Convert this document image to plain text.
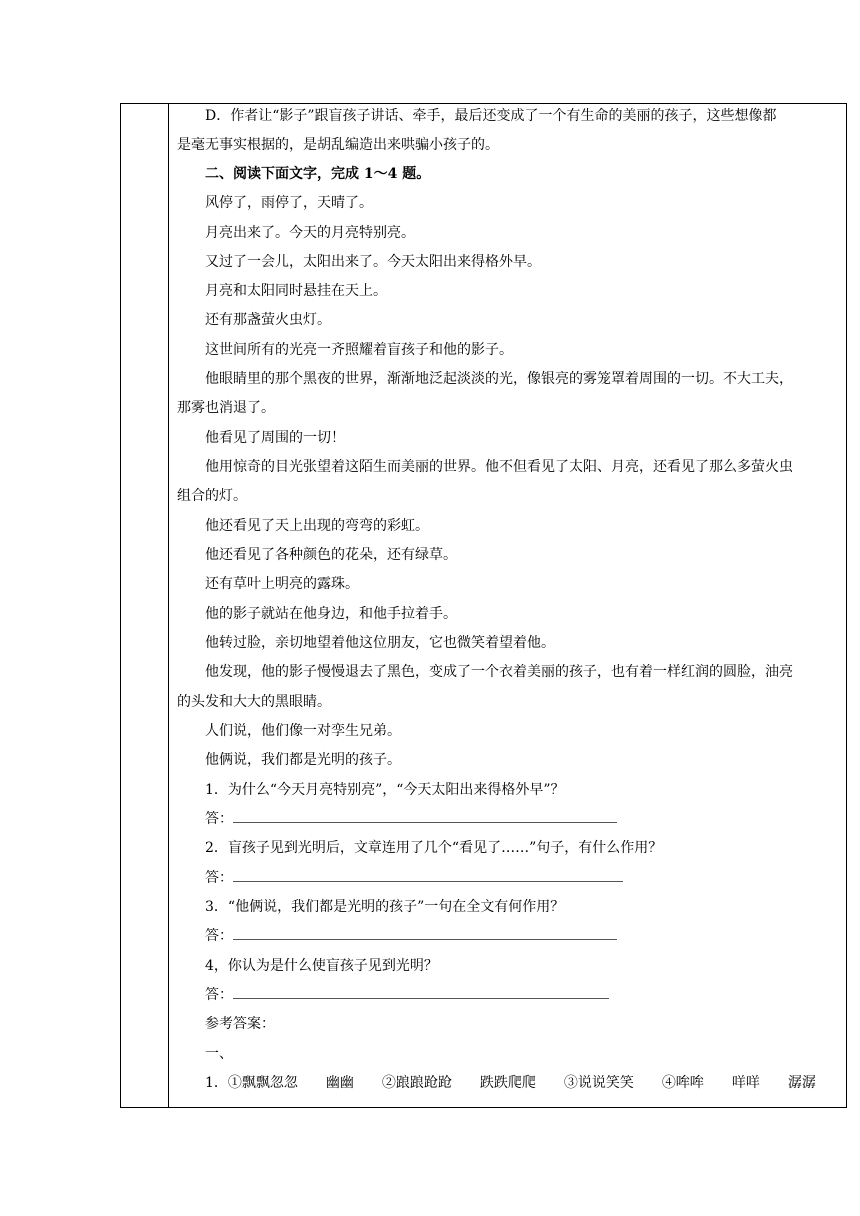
D．作者让“影子”跟盲孩子讲话、牵手，最后还变成了一个有生命的美丽的孩子，这些想像都
是毫无事实根据的，是胡乱编造出来哄骗小孩子的。
二、阅读下面文字，完成 1～4 题。
风停了，雨停了，天晴了。
月亮出来了。今天的月亮特别亮。
又过了一会儿，太阳出来了。今天太阳出来得格外早。
月亮和太阳同时悬挂在天上。
还有那盏萤火虫灯。
这世间所有的光亮一齐照耀着盲孩子和他的影子。
他眼睛里的那个黑夜的世界，渐渐地泛起淡淡的光，像银亮的雾笼罩着周围的一切。不大工夫，
那雾也消退了。
他看见了周围的一切！
他用惊奇的目光张望着这陌生而美丽的世界。他不但看见了太阳、月亮，还看见了那么多萤火虫
组合的灯。
他还看见了天上出现的弯弯的彩虹。
他还看见了各种颜色的花朵，还有绿草。
还有草叶上明亮的露珠。
他的影子就站在他身边，和他手拉着手。
他转过脸，亲切地望着他这位朋友，它也微笑着望着他。
他发现，他的影子慢慢退去了黑色，变成了一个衣着美丽的孩子，也有着一样红润的圆脸，油亮
的头发和大大的黑眼睛。
人们说，他们像一对孪生兄弟。
他俩说，我们都是光明的孩子。
1．为什么“今天月亮特别亮”，“今天太阳出来得格外早”？
答：
2．盲孩子见到光明后，文章连用了几个“看见了……”句子，有什么作用？
答：
3．“他俩说，我们都是光明的孩子”一句在全文有何作用？
答：
4，你认为是什么使盲孩子见到光明？
答：
参考答案：
一、
1．①飘飘忽忽　　幽幽　　②踉踉跄跄　　跌跌爬爬　　③说说笑笑　　④哞哞　　咩咩　　潺潺
